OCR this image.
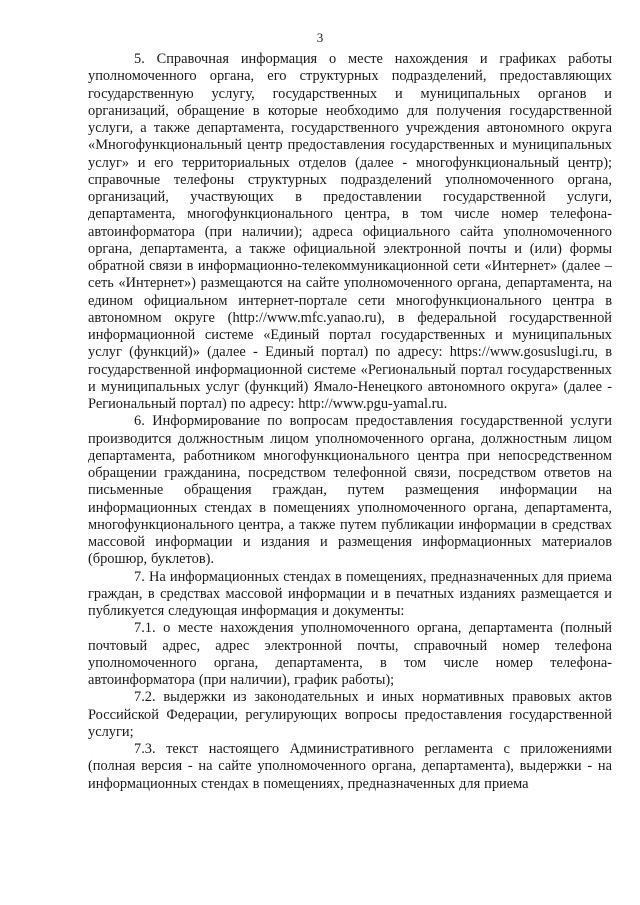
3

5. Справочная информация о месте нахождения и графиках работы уполномоченного органа, его структурных подразделений, предоставляющих государственную услугу, государственных и муниципальных органов и организаций, обращение в которые необходимо для получения государственной услуги, а также департамента, государственного учреждения автономного округа «Многофункциональный центр предоставления государственных и муниципальных услуг» и его территориальных отделов (далее - многофункциональный центр); справочные телефоны структурных подразделений уполномоченного органа, организаций, участвующих в предоставлении государственной услуги, департамента, многофункционального центра, в том числе номер телефона-автоинформатора (при наличии); адреса официального сайта уполномоченного органа, департамента, а также официальной электронной почты и (или) формы обратной связи в информационно-телекоммуникационной сети «Интернет» (далее – сеть «Интернет») размещаются на сайте уполномоченного органа, департамента, на едином официальном интернет-портале сети многофункционального центра в автономном округе (http://www.mfc.yanao.ru), в федеральной государственной информационной системе «Единый портал государственных и муниципальных услуг (функций)» (далее - Единый портал) по адресу: https://www.gosuslugi.ru, в государственной информационной системе «Региональный портал государственных и муниципальных услуг (функций) Ямало-Ненецкого автономного округа» (далее - Региональный портал) по адресу: http://www.pgu-yamal.ru.

6. Информирование по вопросам предоставления государственной услуги производится должностным лицом уполномоченного органа, должностным лицом департамента, работником многофункционального центра при непосредственном обращении гражданина, посредством телефонной связи, посредством ответов на письменные обращения граждан, путем размещения информации на информационных стендах в помещениях уполномоченного органа, департамента, многофункционального центра, а также путем публикации информации в средствах массовой информации и издания и размещения информационных материалов (брошюр, буклетов).

7. На информационных стендах в помещениях, предназначенных для приема граждан, в средствах массовой информации и в печатных изданиях размещается и публикуется следующая информация и документы:

7.1. о месте нахождения уполномоченного органа, департамента (полный почтовый адрес, адрес электронной почты, справочный номер телефона уполномоченного органа, департамента, в том числе номер телефона-автоинформатора (при наличии), график работы);

7.2. выдержки из законодательных и иных нормативных правовых актов Российской Федерации, регулирующих вопросы предоставления государственной услуги;

7.3. текст настоящего Административного регламента с приложениями (полная версия - на сайте уполномоченного органа, департамента), выдержки - на информационных стендах в помещениях, предназначенных для приема
